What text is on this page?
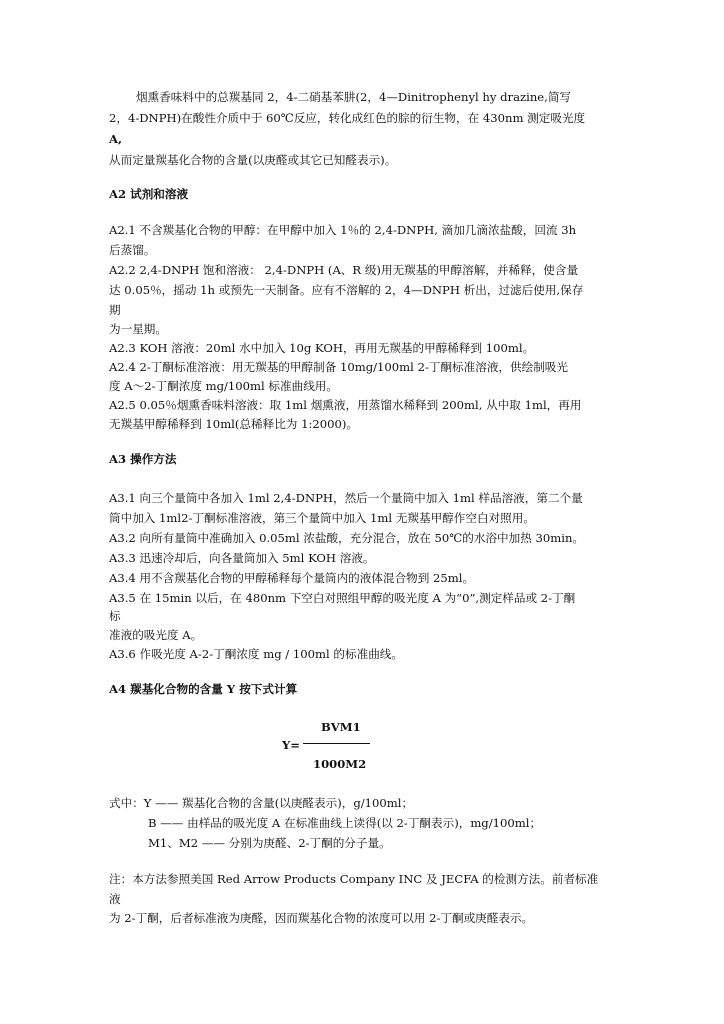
烟熏香味料中的总羰基同 2，4-二硝基苯肼(2，4—Dinitrophenyl hy drazine,简写

2，4-DNPH)在酸性介质中于 60℃反应，转化成红色的腙的衍生物，在 430nm 测定吸光度

A,

从而定量羰基化合物的含量(以庚醛或其它已知醛表示)。

A2 试剂和溶液

A2.1 不含羰基化合物的甲醇：在甲醇中加入 1％的 2,4-DNPH, 滴加几滴浓盐酸，回流 3h

后蒸馏。

A2.2 2,4-DNPH 饱和溶液： 2,4-DNPH (A、R 级)用无羰基的甲醇溶解，并稀释，使含量

达 0.05％，摇动 1h 或预先一天制备。应有不溶解的 2，4—DNPH 析出，过滤后使用,保存

期

为一星期。

A2.3 KOH 溶液：20ml 水中加入 10g KOH，再用无羰基的甲醇稀释到 100ml。

A2.4 2-丁酮标准溶液：用无羰基的甲醇制备 10mg/100ml 2-丁酮标准溶液，供绘制吸光

度 A～2-丁酮浓度 mg/100ml 标准曲线用。

A2.5 0.05％烟熏香味料溶液：取 1ml 烟熏液，用蒸馏水稀释到 200ml, 从中取 1ml，再用

无羰基甲醇稀释到 10ml(总稀释比为 1:2000)。

A3 操作方法

A3.1 向三个量筒中各加入 1ml 2,4-DNPH，然后一个量筒中加入 1ml 样品溶液，第二个量

筒中加入 1ml2-丁酮标准溶液，第三个量筒中加入 1ml 无羰基甲醇作空白对照用。

A3.2 向所有量筒中准确加入 0.05ml 浓盐酸，充分混合，放在 50℃的水浴中加热 30min。

A3.3 迅速冷却后，向各量筒加入 5ml KOH 溶液。

A3.4 用不含羰基化合物的甲醇稀释每个量筒内的液体混合物到 25ml。

A3.5 在 15min 以后，在 480nm 下空白对照组甲醇的吸光度 A 为“0”,测定样品或 2-丁酮

标

准液的吸光度 A。

A3.6 作吸光度 A-2-丁酮浓度 mg / 100ml 的标准曲线。

A4 羰基化合物的含量 Y 按下式计算

BVM1
Y=
1000M2

式中：Y —— 羰基化合物的含量(以庚醛表示)，g/100ml；

B —— 由样品的吸光度 A 在标准曲线上读得(以 2-丁酮表示)，mg/100ml；

M1、M2 —— 分别为庚醛、2-丁酮的分子量。

注：本方法参照美国 Red Arrow Products Company INC 及 JECFA 的检测方法。前者标准

液

为 2-丁酮，后者标准液为庚醛，因而羰基化合物的浓度可以用 2-丁酮或庚醛表示。
